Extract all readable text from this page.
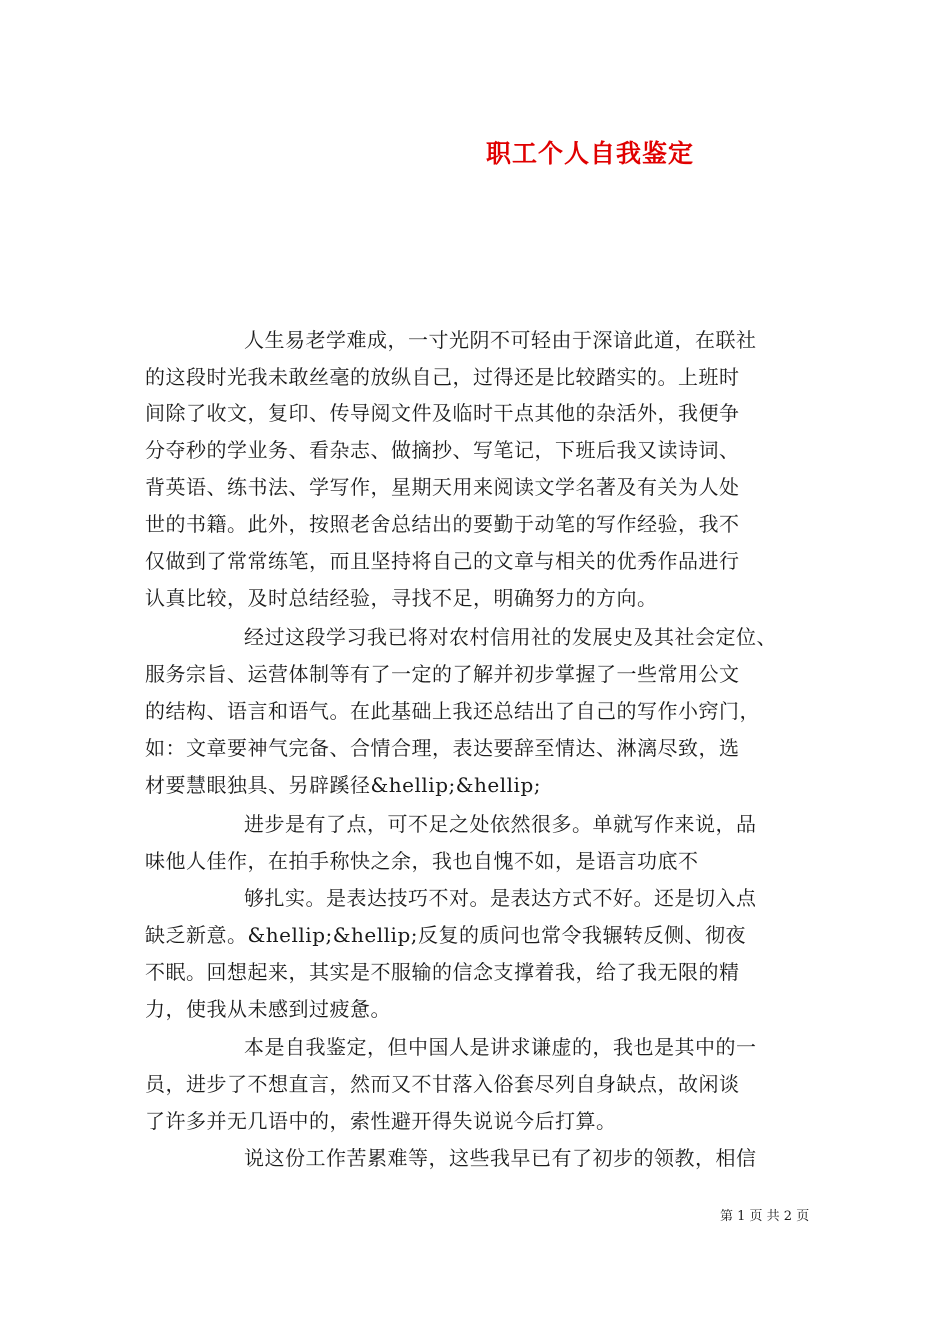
职工个人自我鉴定
人生易老学难成，一寸光阴不可轻由于深谙此道，在联社
的这段时光我未敢丝毫的放纵自己，过得还是比较踏实的。上班时
间除了收文，复印、传导阅文件及临时干点其他的杂活外，我便争
分夺秒的学业务、看杂志、做摘抄、写笔记，下班后我又读诗词、
背英语、练书法、学写作，星期天用来阅读文学名著及有关为人处
世的书籍。此外，按照老舍总结出的要勤于动笔的写作经验，我不
仅做到了常常练笔，而且坚持将自己的文章与相关的优秀作品进行
认真比较，及时总结经验，寻找不足，明确努力的方向。
经过这段学习我已将对农村信用社的发展史及其社会定位、
服务宗旨、运营体制等有了一定的了解并初步掌握了一些常用公文
的结构、语言和语气。在此基础上我还总结出了自己的写作小窍门，
如：文章要神气完备、合情合理，表达要辞至情达、淋漓尽致，选
材要慧眼独具、另辟蹊径&hellip;&hellip;
进步是有了点，可不足之处依然很多。单就写作来说，品
味他人佳作，在拍手称快之余，我也自愧不如，是语言功底不
够扎实。是表达技巧不对。是表达方式不好。还是切入点
缺乏新意。&hellip;&hellip;反复的质问也常令我辗转反侧、彻夜
不眠。回想起来，其实是不服输的信念支撑着我，给了我无限的精
力，使我从未感到过疲惫。
本是自我鉴定，但中国人是讲求谦虚的，我也是其中的一
员，进步了不想直言，然而又不甘落入俗套尽列自身缺点，故闲谈
了许多并无几语中的，索性避开得失说说今后打算。
说这份工作苦累难等，这些我早已有了初步的领教，相信
第 1 页 共 2 页
